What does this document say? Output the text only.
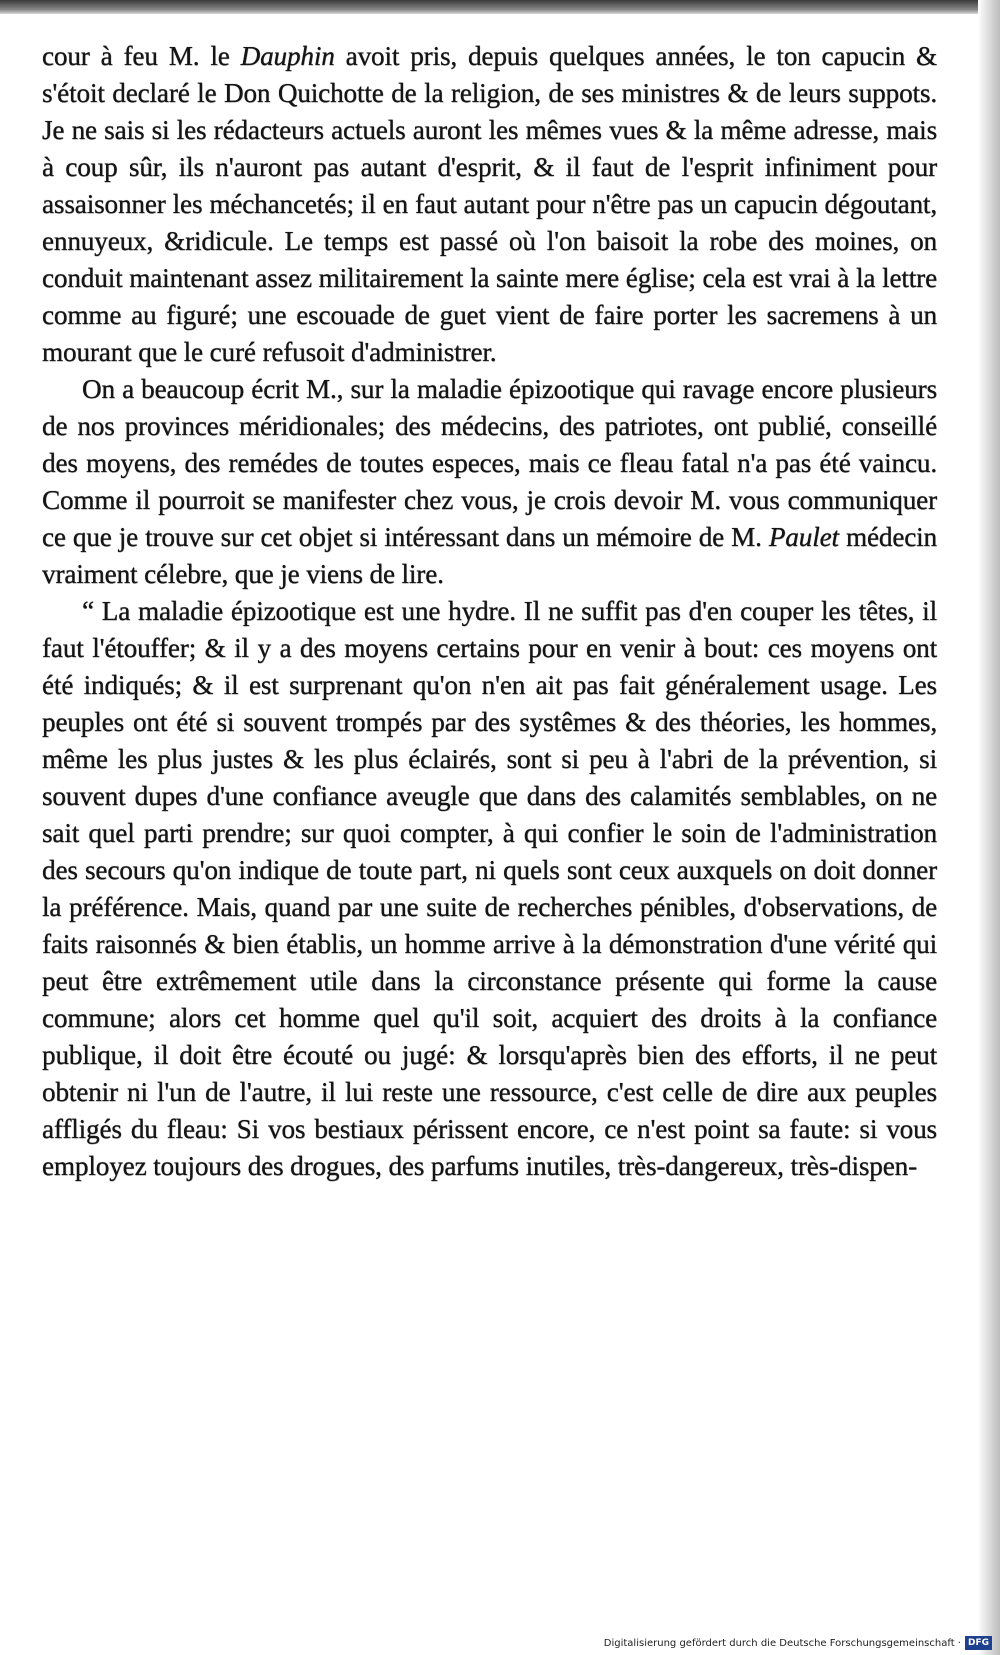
cour à feu M. le Dauphin avoit pris, depuis quelques années, le ton capucin & s'étoit declaré le Don Quichotte de la religion, de ses ministres & de leurs suppots. Je ne sais si les rédacteurs actuels auront les mêmes vues & la même adresse, mais à coup sûr, ils n'auront pas autant d'esprit, & il faut de l'esprit infiniment pour assaisonner les méchancetés; il en faut autant pour n'être pas un capucin dégoutant, ennuyeux, &ridicule. Le temps est passé où l'on baisoit la robe des moines, on conduit maintenant assez militairement la sainte mere église; cela est vrai à la lettre comme au figuré; une escouade de guet vient de faire porter les sacremens à un mourant que le curé refusoit d'administrer.

On a beaucoup écrit M., sur la maladie épizootique qui ravage encore plusieurs de nos provinces méridionales; des médecins, des patriotes, ont publié, conseillé des moyens, des remédes de toutes especes, mais ce fleau fatal n'a pas été vaincu. Comme il pourroit se manifester chez vous, je crois devoir M. vous communiquer ce que je trouve sur cet objet si intéressant dans un mémoire de M. Paulet médecin vraiment célebre, que je viens de lire.

“ La maladie épizootique est une hydre. Il ne suffit pas d'en couper les têtes, il faut l'étouffer; & il y a des moyens certains pour en venir à bout: ces moyens ont été indiqués; & il est surprenant qu'on n'en ait pas fait généralement usage. Les peuples ont été si souvent trompés par des systêmes & des théories, les hommes, même les plus justes & les plus éclairés, sont si peu à l'abri de la prévention, si souvent dupes d'une confiance aveugle que dans des calamités semblables, on ne sait quel parti prendre; sur quoi compter, à qui confier le soin de l'administration des secours qu'on indique de toute part, ni quels sont ceux auxquels on doit donner la préférence. Mais, quand par une suite de recherches pénibles, d'observations, de faits raisonnés & bien établis, un homme arrive à la démonstration d'une vérité qui peut être extrêmement utile dans la circonstance présente qui forme la cause commune; alors cet homme quel qu'il soit, acquiert des droits à la confiance publique, il doit être écouté ou jugé: & lorsqu'après bien des efforts, il ne peut obtenir ni l'un de l'autre, il lui reste une ressource, c'est celle de dire aux peuples affligés du fleau: Si vos bestiaux périssent encore, ce n'est point sa faute: si vous employez toujours des drogues, des parfums inutiles, très-dangereux, très-dispen-

Digitalisierung gefördert durch die Deutsche Forschungsgemeinschaft · DFG
